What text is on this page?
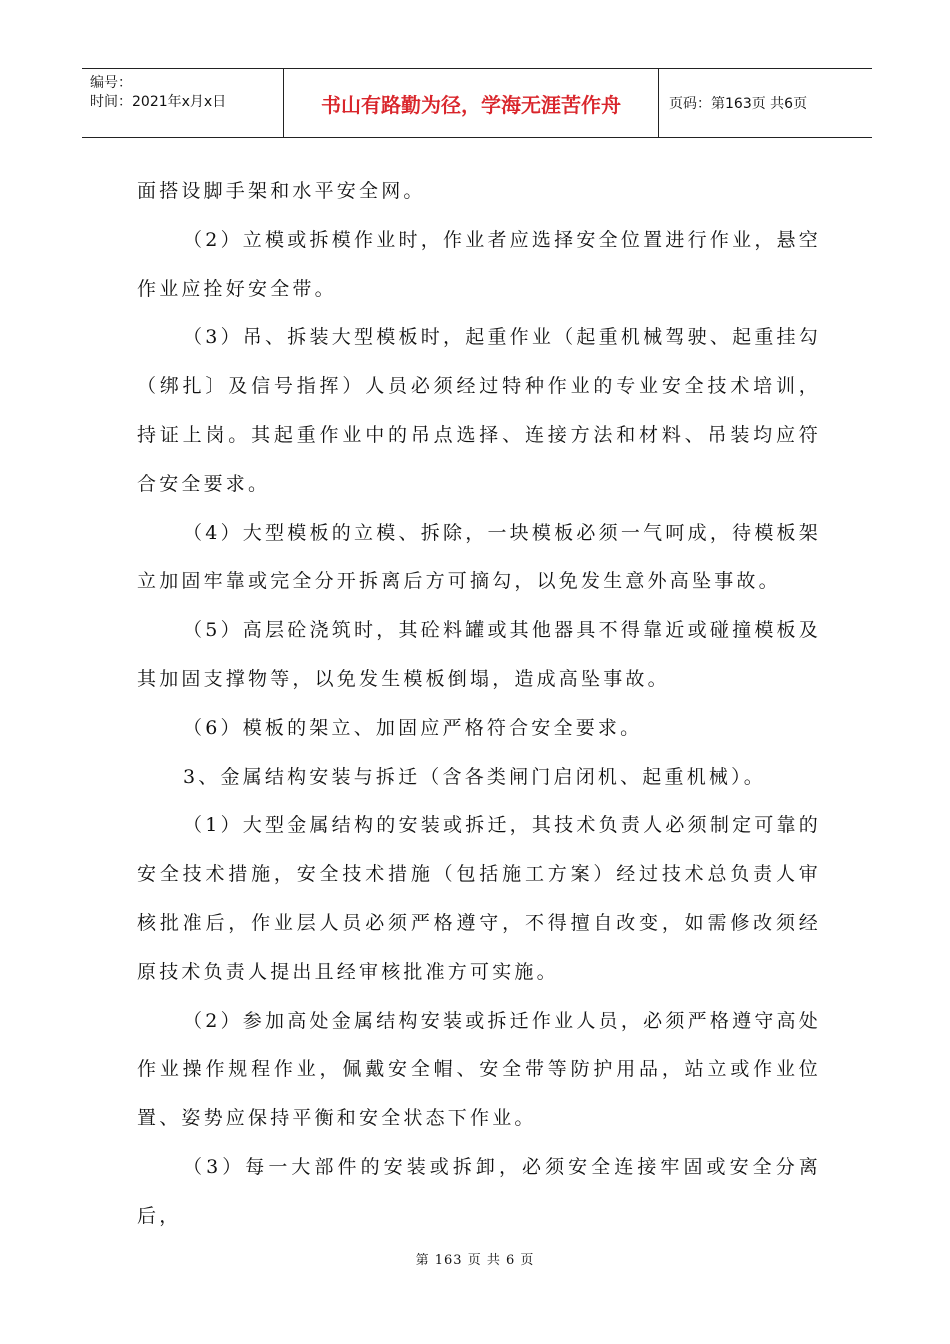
编号：
时间：2021年x月x日	书山有路勤为径，学海无涯苦作舟	页码：第163页 共6页

面搭设脚手架和水平安全网。

（2）立模或拆模作业时，作业者应选择安全位置进行作业，悬空作业应拴好安全带。

（3）吊、拆装大型模板时，起重作业（起重机械驾驶、起重挂勾（绑扎〕及信号指挥）人员必须经过特种作业的专业安全技术培训，持证上岗。其起重作业中的吊点选择、连接方法和材料、吊装均应符合安全要求。

（4）大型模板的立模、拆除，一块模板必须一气呵成，待模板架立加固牢靠或完全分开拆离后方可摘勾，以免发生意外高坠事故。

（5）高层砼浇筑时，其砼料罐或其他器具不得靠近或碰撞模板及其加固支撑物等，以免发生模板倒塌，造成高坠事故。

（6）模板的架立、加固应严格符合安全要求。

3、金属结构安装与拆迁（含各类闸门启闭机、起重机械）。

（1）大型金属结构的安装或拆迁，其技术负责人必须制定可靠的安全技术措施，安全技术措施（包括施工方案）经过技术总负责人审核批准后，作业层人员必须严格遵守，不得擅自改变，如需修改须经原技术负责人提出且经审核批准方可实施。

（2）参加高处金属结构安装或拆迁作业人员，必须严格遵守高处作业操作规程作业，佩戴安全帽、安全带等防护用品，站立或作业位置、姿势应保持平衡和安全状态下作业。

（3）每一大部件的安装或拆卸，必须安全连接牢固或安全分离后，

第 163 页 共 6 页
